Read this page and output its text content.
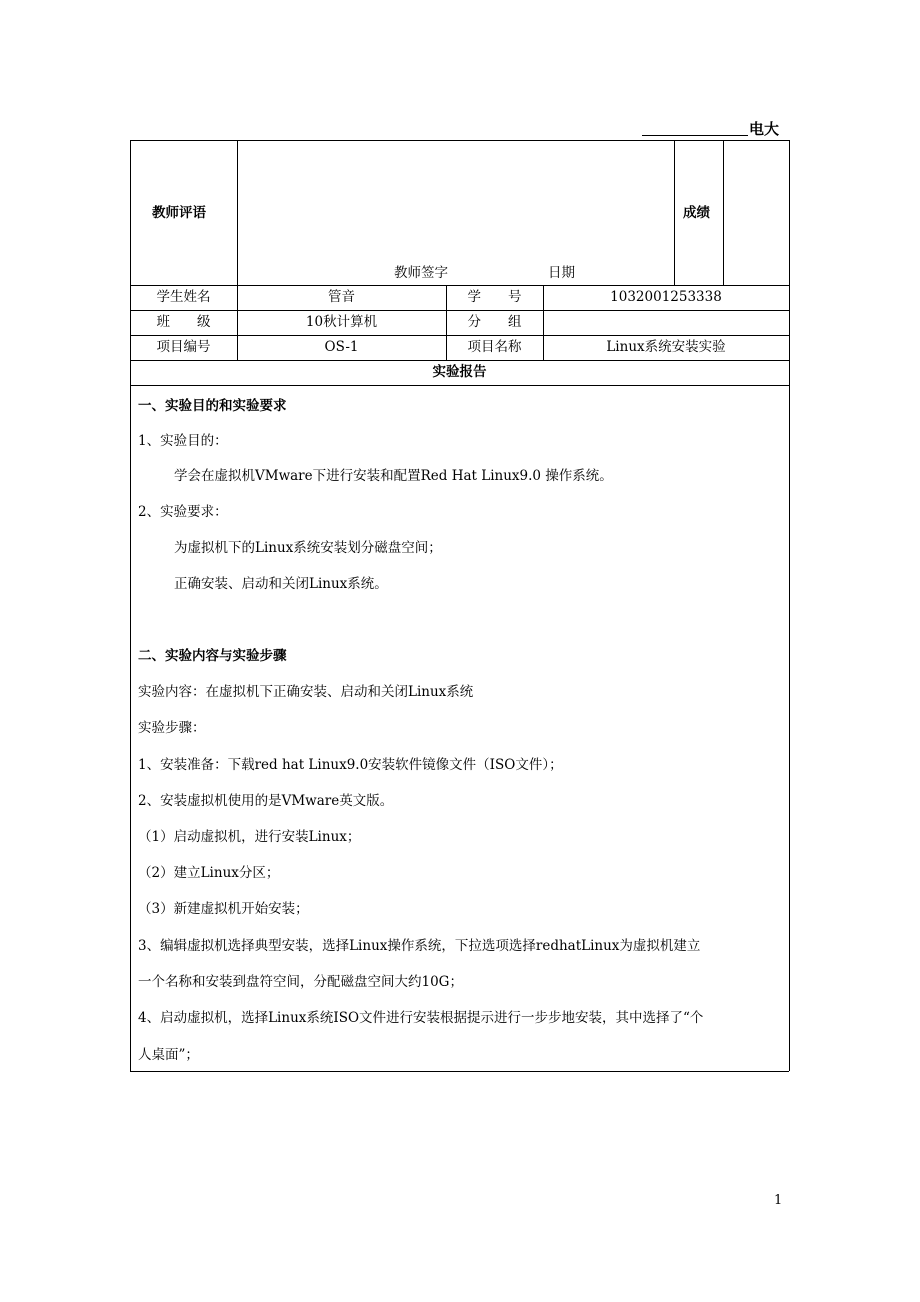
电大
教师评语
教师签字	日期
成绩
学生姓名	管音	学　　号	1032001253338
班　　级	10秋计算机	分　　组
项目编号	OS-1	项目名称	Linux系统安装实验
实验报告
一、实验目的和实验要求
1、实验目的：
学会在虚拟机VMware下进行安装和配置Red Hat Linux9.0 操作系统。
2、实验要求：
为虚拟机下的Linux系统安装划分磁盘空间；
正确安装、启动和关闭Linux系统。
二、实验内容与实验步骤
实验内容：在虚拟机下正确安装、启动和关闭Linux系统
实验步骤：
1、安装准备：下载red hat Linux9.0安装软件镜像文件（ISO文件）；
2、安装虚拟机使用的是VMware英文版。
（1）启动虚拟机，进行安装Linux；
（2）建立Linux分区；
（3）新建虚拟机开始安装；
3、编辑虚拟机选择典型安装，选择Linux操作系统，下拉选项选择redhatLinux为虚拟机建立
一个名称和安装到盘符空间，分配磁盘空间大约10G；
4、启动虚拟机，选择Linux系统ISO文件进行安装根据提示进行一步步地安装，其中选择了“个
人桌面”；
1
